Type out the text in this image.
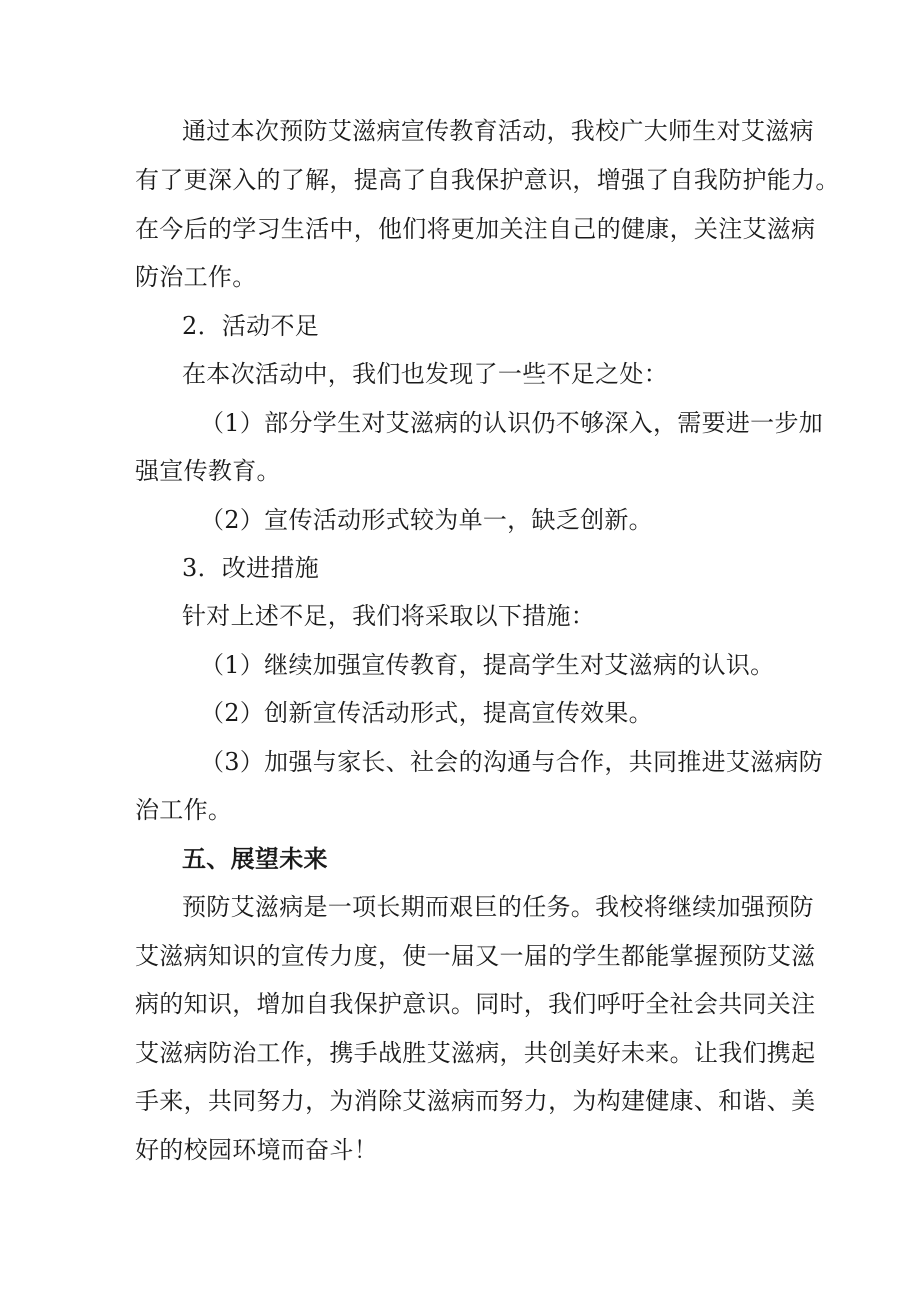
通过本次预防艾滋病宣传教育活动，我校广大师生对艾滋病
有了更深入的了解，提高了自我保护意识，增强了自我防护能力。
在今后的学习生活中，他们将更加关注自己的健康，关注艾滋病
防治工作。
2．活动不足
在本次活动中，我们也发现了一些不足之处：
（1）部分学生对艾滋病的认识仍不够深入，需要进一步加
强宣传教育。
（2）宣传活动形式较为单一，缺乏创新。
3．改进措施
针对上述不足，我们将采取以下措施：
（1）继续加强宣传教育，提高学生对艾滋病的认识。
（2）创新宣传活动形式，提高宣传效果。
（3）加强与家长、社会的沟通与合作，共同推进艾滋病防
治工作。
五、展望未来
预防艾滋病是一项长期而艰巨的任务。我校将继续加强预防
艾滋病知识的宣传力度，使一届又一届的学生都能掌握预防艾滋
病的知识，增加自我保护意识。同时，我们呼吁全社会共同关注
艾滋病防治工作，携手战胜艾滋病，共创美好未来。让我们携起
手来，共同努力，为消除艾滋病而努力，为构建健康、和谐、美
好的校园环境而奋斗！
